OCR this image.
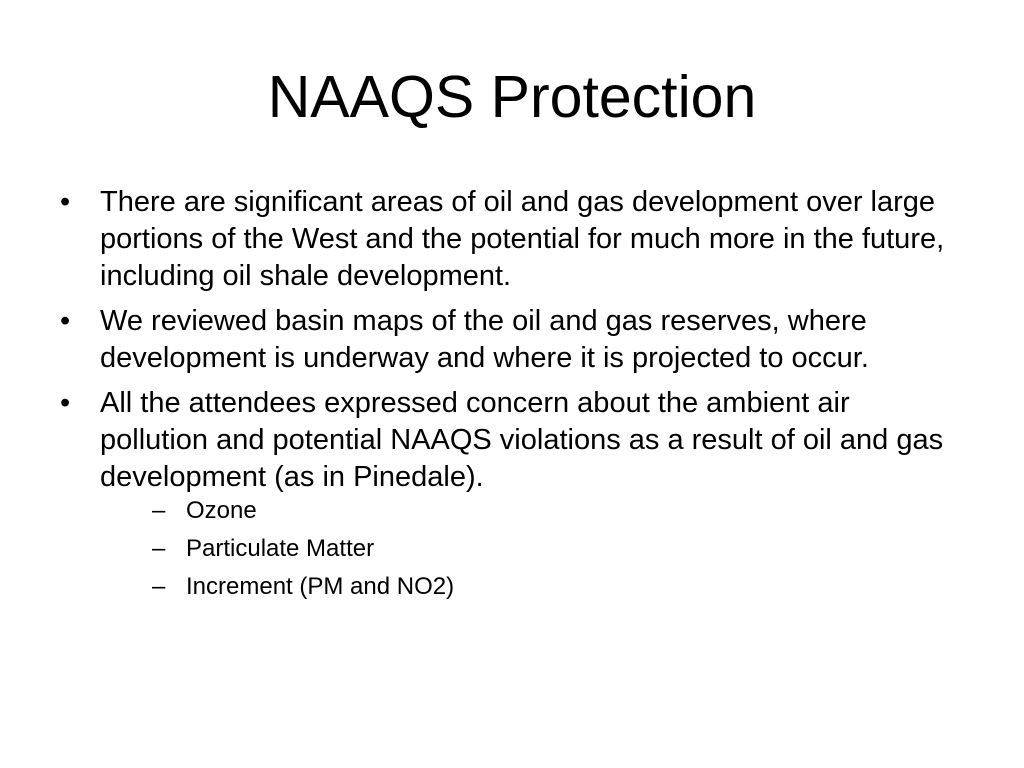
NAAQS Protection
•	There are significant areas of oil and gas development over large portions of the West and the potential for much more in the future, including oil shale development.
•	We reviewed basin maps of the oil and gas reserves, where development is underway and where it is projected to occur.
•	All the attendees expressed concern about the ambient air pollution and potential NAAQS violations as a result of oil and gas development (as in Pinedale).
– Ozone
– Particulate Matter
– Increment (PM and NO2)
